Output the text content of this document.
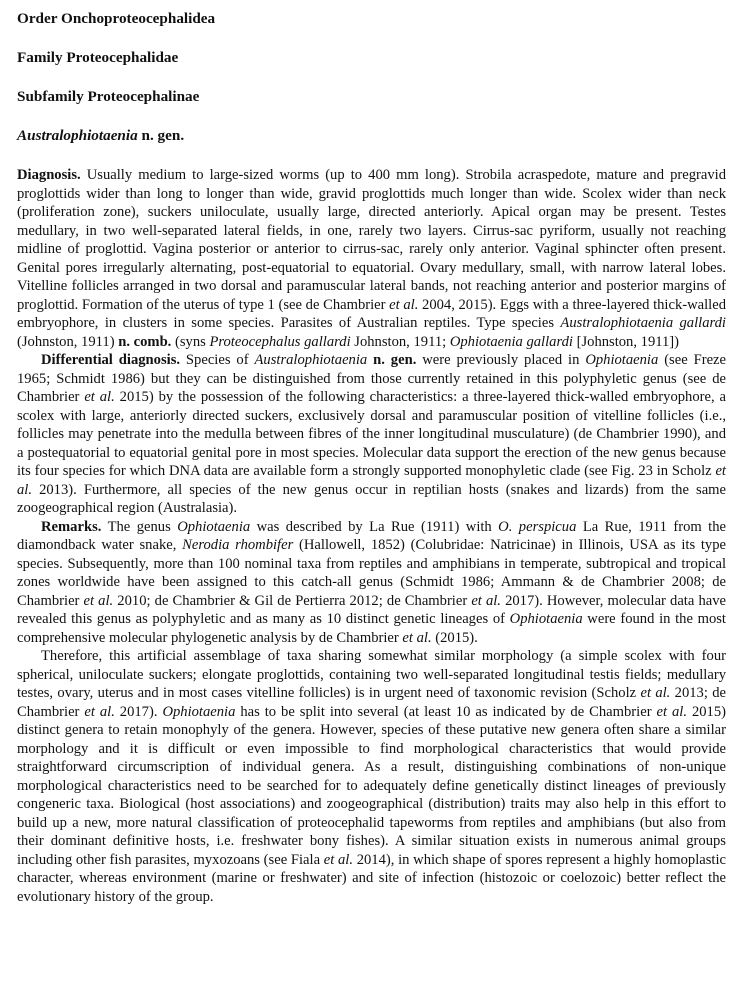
Order Onchoproteocephalidea

Family Proteocephalidae

Subfamily Proteocephalinae

Australophiotaenia n. gen.

Diagnosis. Usually medium to large-sized worms (up to 400 mm long). Strobila acraspedote, mature and pregravid proglottids wider than long to longer than wide, gravid proglottids much longer than wide. Scolex wider than neck (proliferation zone), suckers uniloculate, usually large, directed anteriorly. Apical organ may be present. Testes medullary, in two well-separated lateral fields, in one, rarely two layers. Cirrus-sac pyriform, usually not reaching midline of proglottid. Vagina posterior or anterior to cirrus-sac, rarely only anterior. Vaginal sphincter often present. Genital pores irregularly alternating, post-equatorial to equatorial. Ovary medullary, small, with narrow lateral lobes. Vitelline follicles arranged in two dorsal and paramuscular lateral bands, not reaching anterior and posterior margins of proglottid. Formation of the uterus of type 1 (see de Chambrier et al. 2004, 2015). Eggs with a three-layered thick-walled embryophore, in clusters in some species. Parasites of Australian reptiles. Type species Australophiotaenia gallardi (Johnston, 1911) n. comb. (syns Proteocephalus gallardi Johnston, 1911; Ophiotaenia gallardi [Johnston, 1911])

Differential diagnosis. Species of Australophiotaenia n. gen. were previously placed in Ophiotaenia (see Freze 1965; Schmidt 1986) but they can be distinguished from those currently retained in this polyphyletic genus (see de Chambrier et al. 2015) by the possession of the following characteristics: a three-layered thick-walled embryophore, a scolex with large, anteriorly directed suckers, exclusively dorsal and paramuscular position of vitelline follicles (i.e., follicles may penetrate into the medulla between fibres of the inner longitudinal musculature) (de Chambrier 1990), and a postequatorial to equatorial genital pore in most species. Molecular data support the erection of the new genus because its four species for which DNA data are available form a strongly supported monophyletic clade (see Fig. 23 in Scholz et al. 2013). Furthermore, all species of the new genus occur in reptilian hosts (snakes and lizards) from the same zoogeographical region (Australasia).

Remarks. The genus Ophiotaenia was described by La Rue (1911) with O. perspicua La Rue, 1911 from the diamondback water snake, Nerodia rhombifer (Hallowell, 1852) (Colubridae: Natricinae) in Illinois, USA as its type species. Subsequently, more than 100 nominal taxa from reptiles and amphibians in temperate, subtropical and tropical zones worldwide have been assigned to this catch-all genus (Schmidt 1986; Ammann & de Chambrier 2008; de Chambrier et al. 2010; de Chambrier & Gil de Pertierra 2012; de Chambrier et al. 2017). However, molecular data have revealed this genus as polyphyletic and as many as 10 distinct genetic lineages of Ophiotaenia were found in the most comprehensive molecular phylogenetic analysis by de Chambrier et al. (2015).

Therefore, this artificial assemblage of taxa sharing somewhat similar morphology (a simple scolex with four spherical, uniloculate suckers; elongate proglottids, containing two well-separated longitudinal testis fields; medullary testes, ovary, uterus and in most cases vitelline follicles) is in urgent need of taxonomic revision (Scholz et al. 2013; de Chambrier et al. 2017). Ophiotaenia has to be split into several (at least 10 as indicated by de Chambrier et al. 2015) distinct genera to retain monophyly of the genera. However, species of these putative new genera often share a similar morphology and it is difficult or even impossible to find morphological characteristics that would provide straightforward circumscription of individual genera. As a result, distinguishing combinations of non-unique morphological characteristics need to be searched for to adequately define genetically distinct lineages of previously congeneric taxa. Biological (host associations) and zoogeographical (distribution) traits may also help in this effort to build up a new, more natural classification of proteocephalid tapeworms from reptiles and amphibians (but also from their dominant definitive hosts, i.e. freshwater bony fishes). A similar situation exists in numerous animal groups including other fish parasites, myxozoans (see Fiala et al. 2014), in which shape of spores represent a highly homoplastic character, whereas environment (marine or freshwater) and site of infection (histozoic or coelozoic) better reflect the evolutionary history of the group.
